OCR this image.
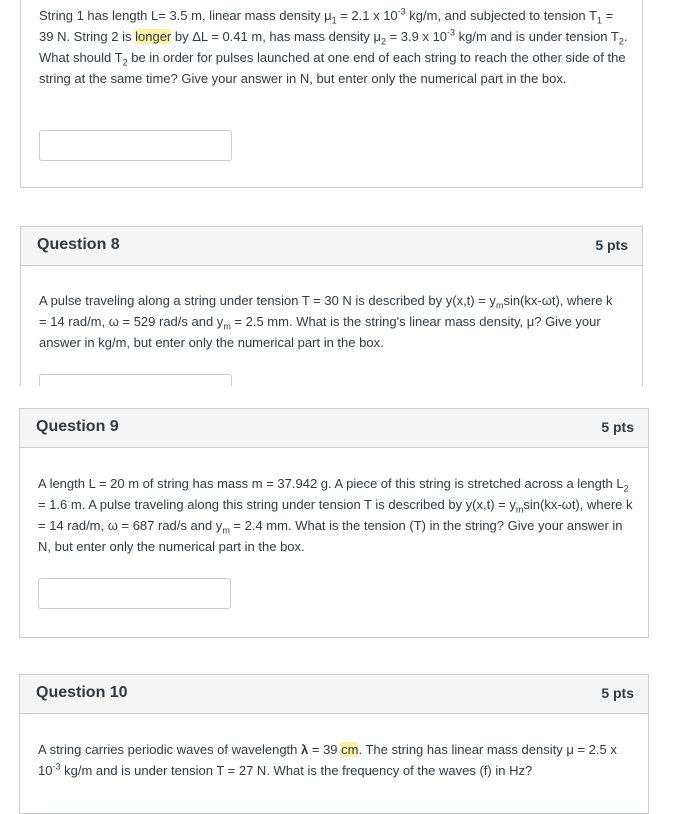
String 1 has length L= 3.5 m, linear mass density $\mu_1 = 2.1$ x $10^{-3}$ kg/m, and subjected to tension $T_1 = 39$ N. String 2 is longer by ΔL = 0.41 m, has mass density $\mu_2 = 3.9$ x $10^{-3}$ kg/m and is under tension $T_2$. What should $T_2$ be in order for pulses launched at one end of each string to reach the other side of the string at the same time? Give your answer in N, but enter only the numerical part in the box.
Question 8	5 pts
A pulse traveling along a string under tension T = 30 N is described by $y(x,t) = y_m\sin(kx-\omega t)$, where k = 14 rad/m, ω = 529 rad/s and $y_m = 2.5$ mm. What is the string's linear mass density, μ? Give your answer in kg/m, but enter only the numerical part in the box.
Question 9	5 pts
A length L = 20 m of string has mass m = 37.942 g. A piece of this string is stretched across a length $L_2 = 1.6$ m. A pulse traveling along this string under tension T is described by $y(x,t) = y_m\sin(kx-\omega t)$, where k = 14 rad/m, ω = 687 rad/s and $y_m = 2.4$ mm. What is the tension (T) in the string? Give your answer in N, but enter only the numerical part in the box.
Question 10	5 pts
A string carries periodic waves of wavelength λ = 39 cm. The string has linear mass density μ = 2.5 x $10^{-3}$ kg/m and is under tension T = 27 N. What is the frequency of the waves (f) in Hz?
